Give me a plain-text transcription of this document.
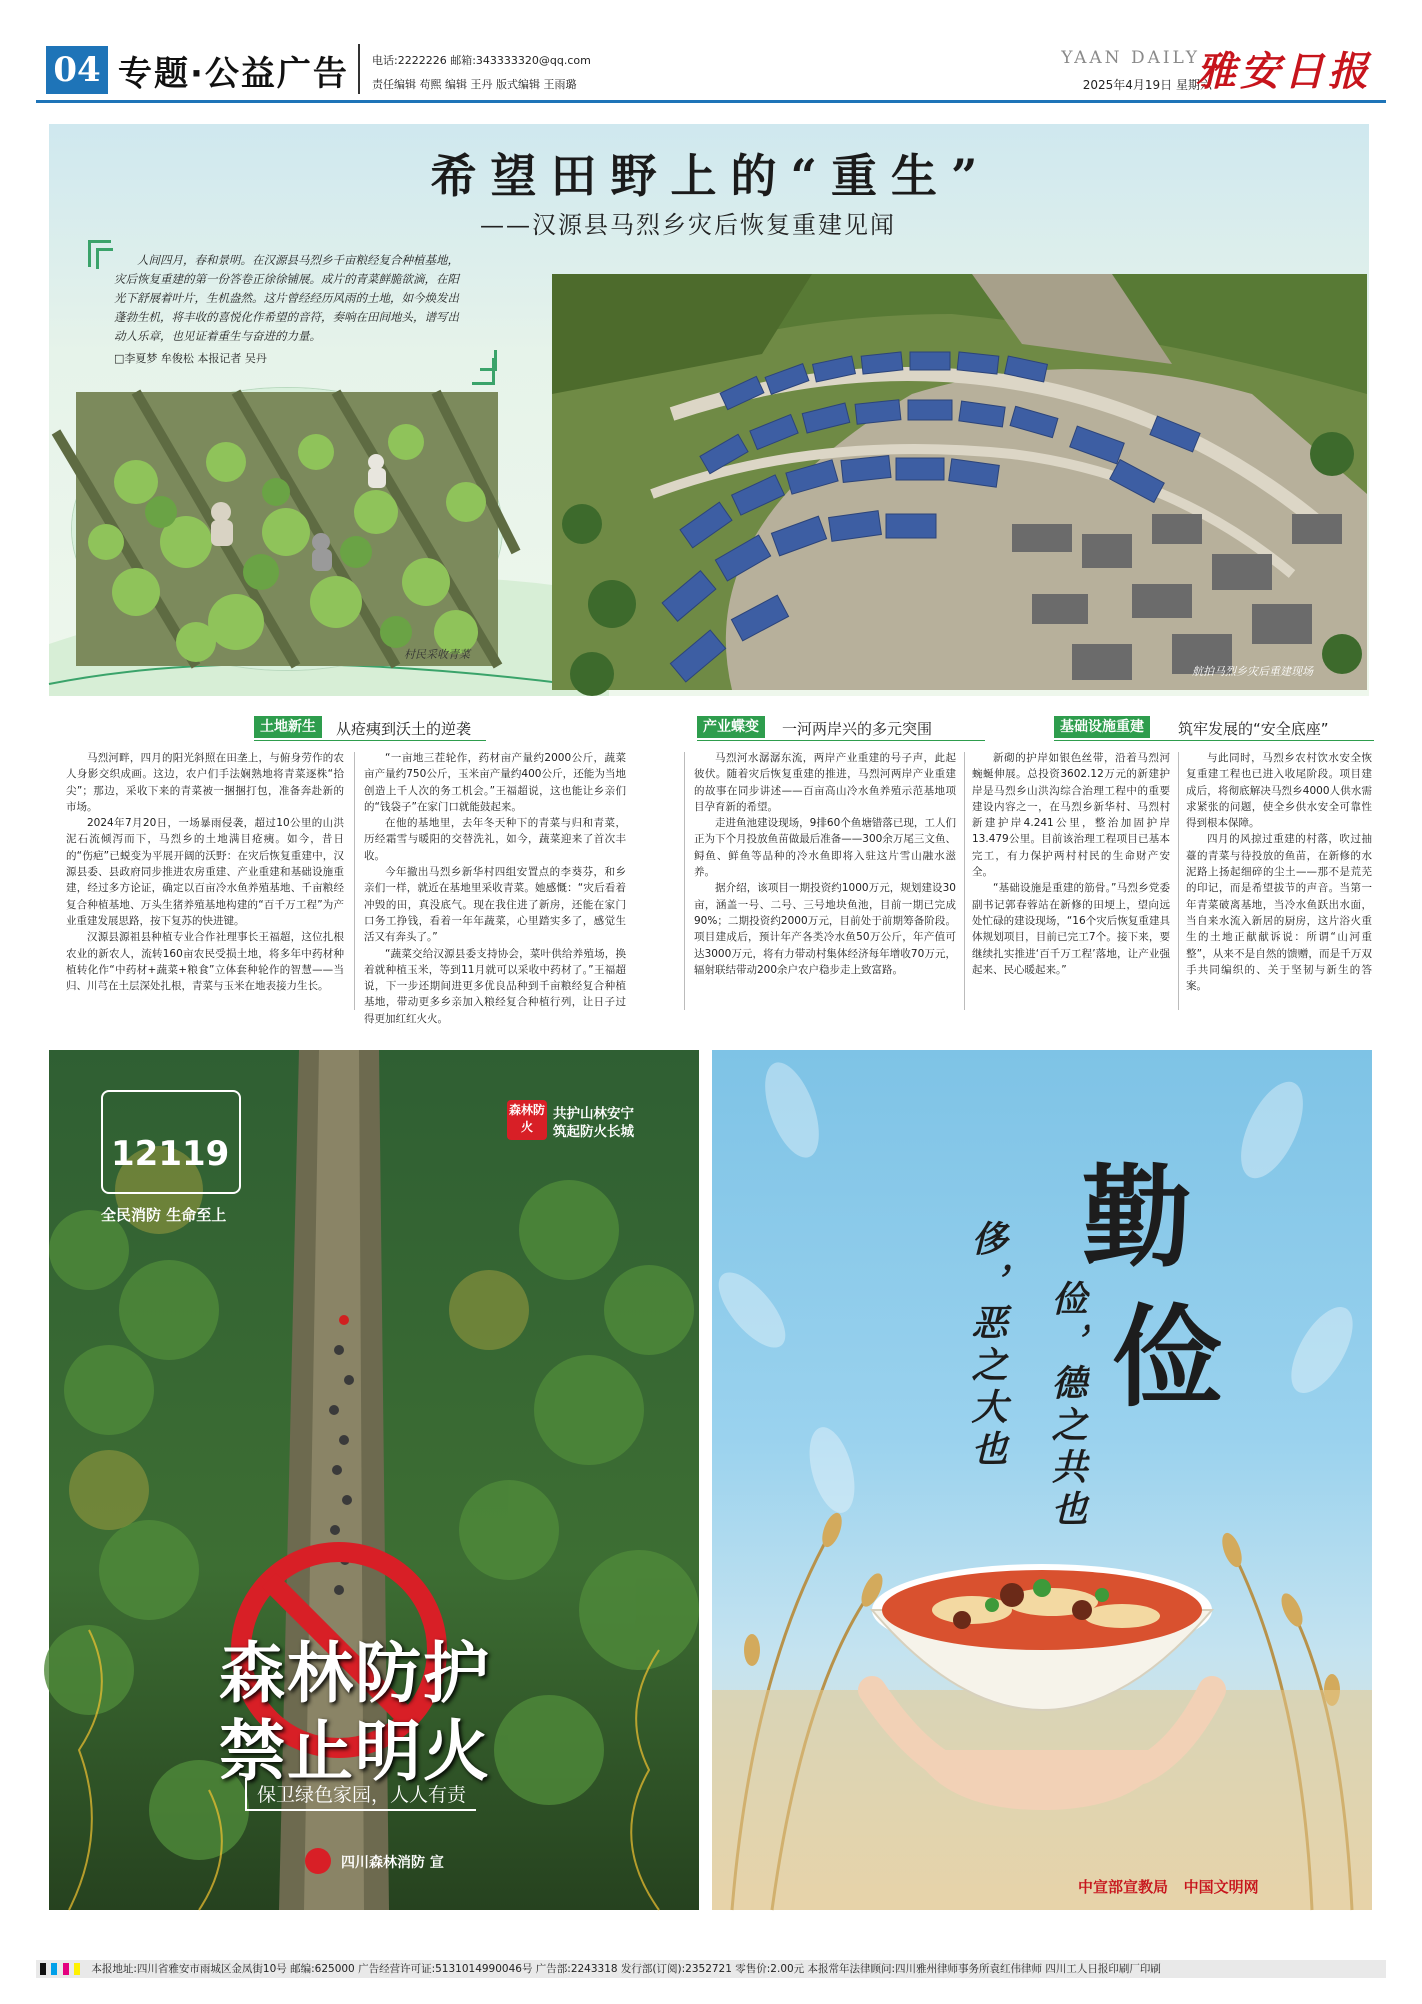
04 专题·公益广告 电话:2222226 邮箱:343333320@qq.com
责任编辑 苟熙 编辑 王丹 版式编辑 王雨璐
YAAN DAILY
2025年4月19日 星期六
雅安日报
希望田野上的“重生”
——汉源县马烈乡灾后恢复重建见闻
人间四月，春和景明。在汉源县马烈乡千亩粮经复合种植基地，灾后恢复重建的第一份答卷正徐徐铺展。成片的青菜鲜脆欲滴，在阳光下舒展着叶片，生机盎然。这片曾经经历风雨的土地，如今焕发出蓬勃生机，将丰收的喜悦化作希望的音符，奏响在田间地头，谱写出动人乐章，也见证着重生与奋进的力量。
□李夏梦 牟俊松 本报记者 吴丹
村民采收青菜
航拍马烈乡灾后重建现场
土地新生	从疮痍到沃土的逆袭	产业蝶变	一河两岸兴的多元突围	基础设施重建	筑牢发展的“安全底座”

马烈河畔，四月的阳光斜照在田垄上，与俯身劳作的农人身影交织成画。这边，农户们手法娴熟地将青菜逐株“拾尖”；那边，采收下来的青菜被一捆捆打包，准备奔赴新的市场。

2024年7月20日，一场暴雨侵袭，超过10公里的山洪泥石流倾泻而下，马烈乡的土地满目疮痍。如今，昔日的“伤疤”已蜕变为平展开阔的沃野：在灾后恢复重建中，汉源县委、县政府同步推进农房重建、产业重建和基础设施重建，经过多方论证，确定以百亩冷水鱼养殖基地、千亩粮经复合种植基地、万头生猪养殖基地构建的“百千万工程”为产业重建发展思路，按下复苏的快进键。

汉源县源祖县种植专业合作社理事长王福超，这位扎根农业的新农人，流转160亩农民受损土地，将多年中药材种植转化作“中药材+蔬菜+粮食”立体套种轮作的智慧——当归、川芎在土层深处扎根，青菜与玉米在地表接力生长。

“一亩地三茬轮作，药材亩产量约2000公斤，蔬菜亩产量约750公斤，玉米亩产量约400公斤，还能为当地创造上千人次的务工机会。”王福超说，这也能让乡亲们的“钱袋子”在家门口就能鼓起来。

在他的基地里，去年冬天种下的青菜与归和青菜，历经霜雪与暖阳的交替洗礼，如今，蔬菜迎来了首次丰收。

今年撤出马烈乡新华村四组安置点的李葵芬，和乡亲们一样，就近在基地里采收青菜。她感慨：“灾后看着冲毁的田，真没底气。现在我住进了新房，还能在家门口务工挣钱，看着一年年蔬菜，心里踏实多了，感觉生活又有奔头了。”

“蔬菜交给汉源县委支持协会，菜叶供给养殖场，换着就种植玉米，等到11月就可以采收中药材了。”王福超说，下一步还期间进更多优良品种到千亩粮经复合种植基地，带动更多乡亲加入粮经复合种植行列，让日子过得更加红红火火。

马烈河水潺潺东流，两岸产业重建的号子声，此起彼伏。随着灾后恢复重建的推进，马烈河两岸产业重建的故事在同步讲述——百亩高山冷水鱼养殖示范基地项目孕育新的希望。

走进鱼池建设现场，9排60个鱼塘错落已现，工人们正为下个月投放鱼苗做最后准备——300余万尾三文鱼、鲟鱼、鲜鱼等品种的冷水鱼即将入驻这片雪山融水滋养。

据介绍，该项目一期投资约1000万元，规划建设30亩，涵盖一号、二号、三号地块鱼池，目前一期已完成90%；二期投资约2000万元，目前处于前期筹备阶段。项目建成后，预计年产各类冷水鱼50万公斤，年产值可达3000万元，将有力带动村集体经济每年增收70万元，辐射联结带动200余户农户稳步走上致富路。

新砌的护岸如银色丝带，沿着马烈河蜿蜒伸展。总投资3602.12万元的新建护岸是马烈乡山洪沟综合治理工程中的重要建设内容之一，在马烈乡新华村、马烈村新建护岸4.241公里，整治加固护岸13.479公里。目前该治理工程项目已基本完工，有力保护两村村民的生命财产安全。

“基础设施是重建的筋骨。”马烈乡党委副书记郭春蓉站在新修的田埂上，望向远处忙碌的建设现场，“16个灾后恢复重建具体规划项目，目前已完工7个。接下来，要继续扎实推进‘百千万工程’落地，让产业强起来、民心暖起来。”

与此同时，马烈乡农村饮水安全恢复重建工程也已进入收尾阶段。项目建成后，将彻底解决马烈乡4000人供水需求紧张的问题，使全乡供水安全可靠性得到根本保障。

四月的风掠过重建的村落，吹过抽薹的青菜与待投放的鱼苗，在新修的水泥路上扬起细碎的尘土——那不是荒芜的印记，而是希望拔节的声音。当第一年青菜破离基地，当冷水鱼跃出水面，当自来水流入新居的厨房，这片浴火重生的土地正献献诉说：所谓“山河重整”，从来不是自然的馈赠，而是千万双手共同编织的、关于坚韧与新生的答案。

12119
全民消防 生命至上
森林防火
共护山林安宁
筑起防火长城
森林防护
禁止明火
保卫绿色家园，人人有责
四川森林消防 宣
勤
俭
俭，德之共也
侈，恶之大也
中宣部宣教局   中国文明网
本报地址:四川省雅安市雨城区金凤街10号 邮编:625000 广告经营许可证:5131014990046号 广告部:2243318 发行部(订阅):2352721 零售价:2.00元 本报常年法律顾问:四川雅州律师事务所袁红伟律师 四川工人日报印刷厂印刷
